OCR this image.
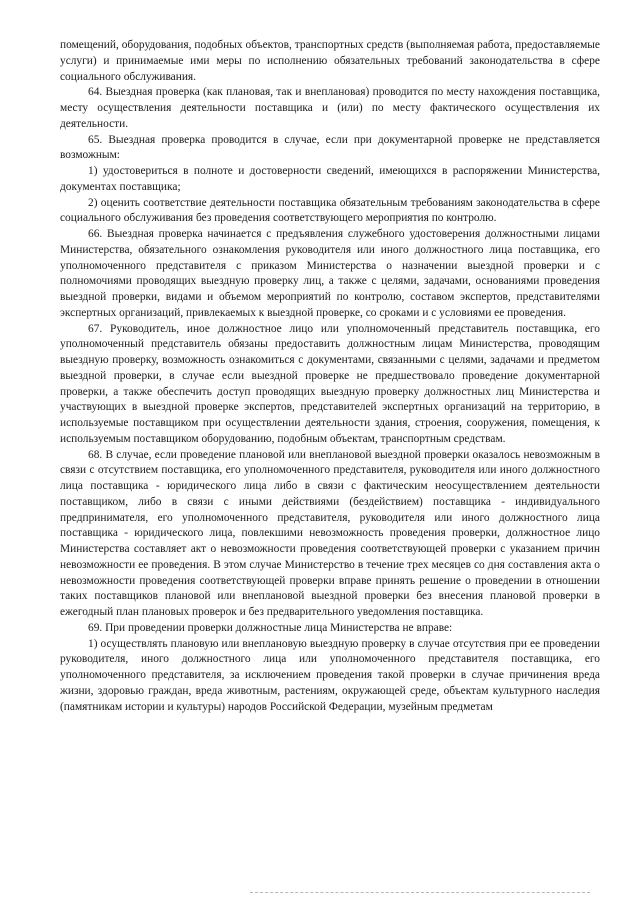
помещений, оборудования, подобных объектов, транспортных средств (выполняемая работа, предоставляемые услуги) и принимаемые ими меры по исполнению обязательных требований законодательства в сфере социального обслуживания.

64. Выездная проверка (как плановая, так и внеплановая) проводится по месту нахождения поставщика, месту осуществления деятельности поставщика и (или) по месту фактического осуществления их деятельности.

65. Выездная проверка проводится в случае, если при документарной проверке не представляется возможным:

1) удостовериться в полноте и достоверности сведений, имеющихся в распоряжении Министерства, документах поставщика;

2) оценить соответствие деятельности поставщика обязательным требованиям законодательства в сфере социального обслуживания без проведения соответствующего мероприятия по контролю.

66. Выездная проверка начинается с предъявления служебного удостоверения должностными лицами Министерства, обязательного ознакомления руководителя или иного должностного лица поставщика, его уполномоченного представителя с приказом Министерства о назначении выездной проверки и с полномочиями проводящих выездную проверку лиц, а также с целями, задачами, основаниями проведения выездной проверки, видами и объемом мероприятий по контролю, составом экспертов, представителями экспертных организаций, привлекаемых к выездной проверке, со сроками и с условиями ее проведения.

67. Руководитель, иное должностное лицо или уполномоченный представитель поставщика, его уполномоченный представитель обязаны предоставить должностным лицам Министерства, проводящим выездную проверку, возможность ознакомиться с документами, связанными с целями, задачами и предметом выездной проверки, в случае если выездной проверке не предшествовало проведение документарной проверки, а также обеспечить доступ проводящих выездную проверку должностных лиц Министерства и участвующих в выездной проверке экспертов, представителей экспертных организаций на территорию, в используемые поставщиком при осуществлении деятельности здания, строения, сооружения, помещения, к используемым поставщиком оборудованию, подобным объектам, транспортным средствам.

68. В случае, если проведение плановой или внеплановой выездной проверки оказалось невозможным в связи с отсутствием поставщика, его уполномоченного представителя, руководителя или иного должностного лица поставщика - юридического лица либо в связи с фактическим неосуществлением деятельности поставщиком, либо в связи с иными действиями (бездействием) поставщика - индивидуального предпринимателя, его уполномоченного представителя, руководителя или иного должностного лица поставщика - юридического лица, повлекшими невозможность проведения проверки, должностное лицо Министерства составляет акт о невозможности проведения соответствующей проверки с указанием причин невозможности ее проведения. В этом случае Министерство в течение трех месяцев со дня составления акта о невозможности проведения соответствующей проверки вправе принять решение о проведении в отношении таких поставщиков плановой или внеплановой выездной проверки без внесения плановой проверки в ежегодный план плановых проверок и без предварительного уведомления поставщика.

69. При проведении проверки должностные лица Министерства не вправе:

1) осуществлять плановую или внеплановую выездную проверку в случае отсутствия при ее проведении руководителя, иного должностного лица или уполномоченного представителя поставщика, его уполномоченного представителя, за исключением проведения такой проверки в случае причинения вреда жизни, здоровью граждан, вреда животным, растениям, окружающей среде, объектам культурного наследия (памятникам истории и культуры) народов Российской Федерации, музейным предметам
